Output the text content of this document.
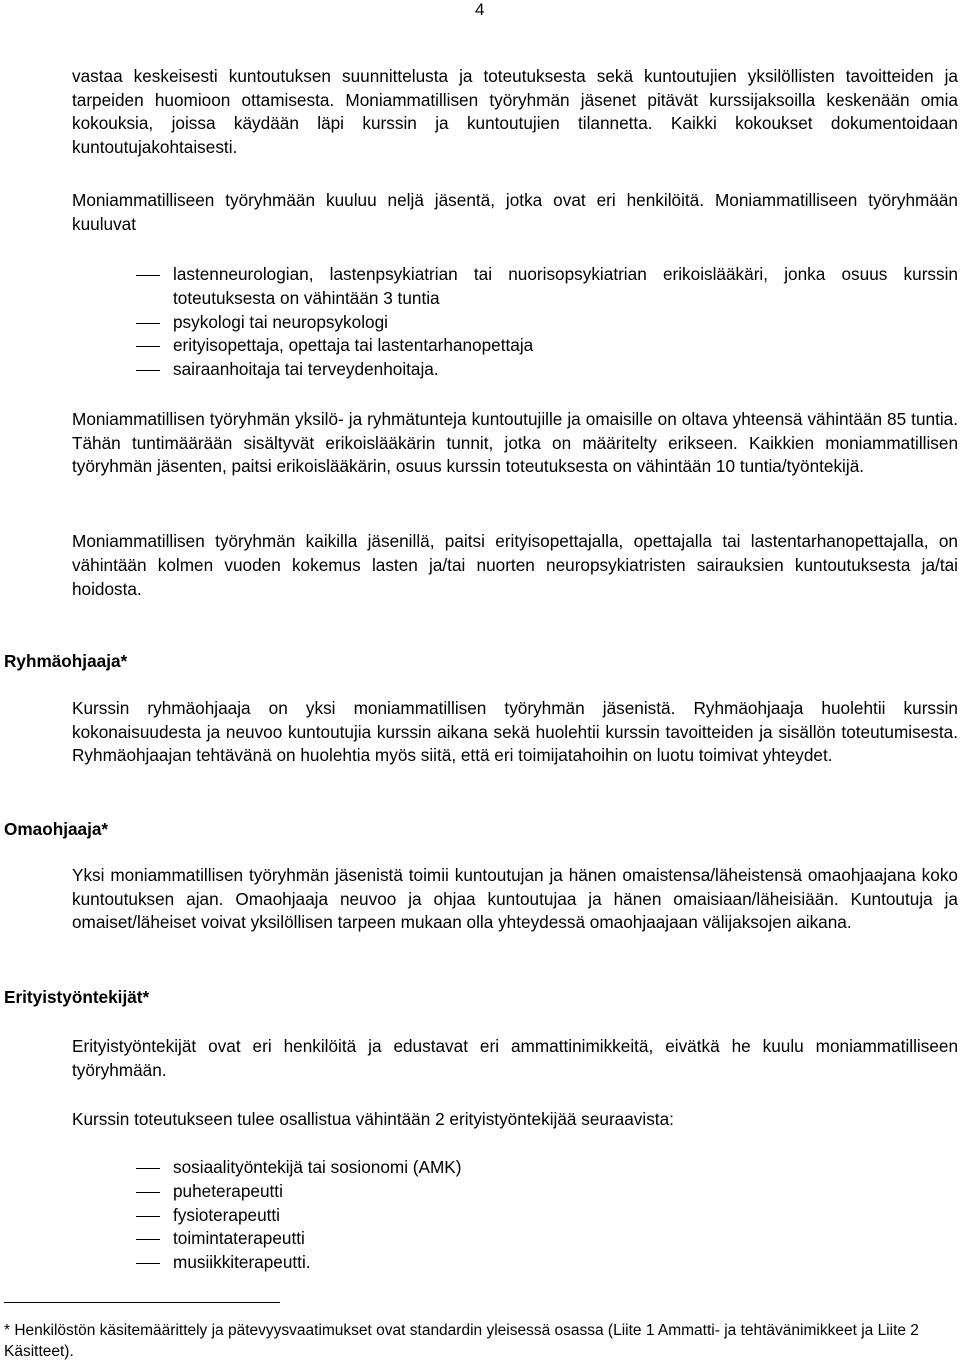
4

vastaa keskeisesti kuntoutuksen suunnittelusta ja toteutuksesta sekä kuntoutujien yksilöllisten tavoitteiden ja tarpeiden huomioon ottamisesta. Moniammatillisen työryhmän jäsenet pitävät kurssijaksoilla keskenään omia kokouksia, joissa käydään läpi kurssin ja kuntoutujien tilannetta. Kaikki kokoukset dokumentoidaan kuntoutujakohtaisesti.

Moniammatilliseen työryhmään kuuluu neljä jäsentä, jotka ovat eri henkilöitä. Moniammatilliseen työryhmään kuuluvat

lastenneurologian, lastenpsykiatrian tai nuorisopsykiatrian erikoislääkäri, jonka osuus kurssin toteutuksesta on vähintään 3 tuntia
psykologi tai neuropsykologi
erityisopettaja, opettaja tai lastentarhanopettaja
sairaanhoitaja tai terveydenhoitaja.

Moniammatillisen työryhmän yksilö- ja ryhmätunteja kuntoutujille ja omaisille on oltava yhteensä vähintään 85 tuntia. Tähän tuntimäärään sisältyvät erikoislääkärin tunnit, jotka on määritelty erikseen. Kaikkien moniammatillisen työryhmän jäsenten, paitsi erikoislääkärin, osuus kurssin toteutuksesta on vähintään 10 tuntia/työntekijä.

Moniammatillisen työryhmän kaikilla jäsenillä, paitsi erityisopettajalla, opettajalla tai lastentarhanopettajalla, on vähintään kolmen vuoden kokemus lasten ja/tai nuorten neuropsykiatristen sairauksien kuntoutuksesta ja/tai hoidosta.

Ryhmäohjaaja*

Kurssin ryhmäohjaaja on yksi moniammatillisen työryhmän jäsenistä. Ryhmäohjaaja huolehtii kurssin kokonaisuudesta ja neuvoo kuntoutujia kurssin aikana sekä huolehtii kurssin tavoitteiden ja sisällön toteutumisesta. Ryhmäohjaajan tehtävänä on huolehtia myös siitä, että eri toimijatahoihin on luotu toimivat yhteydet.

Omaohjaaja*

Yksi moniammatillisen työryhmän jäsenistä toimii kuntoutujan ja hänen omaistensa/läheistensä omaohjaajana koko kuntoutuksen ajan. Omaohjaaja neuvoo ja ohjaa kuntoutujaa ja hänen omaisiaan/läheisiään. Kuntoutuja ja omaiset/läheiset voivat yksilöllisen tarpeen mukaan olla yhteydessä omaohjaajaan välijaksojen aikana.

Erityistyöntekijät*

Erityistyöntekijät ovat eri henkilöitä ja edustavat eri ammattinimikkeitä, eivätkä he kuulu moniammatilliseen työryhmään.

Kurssin toteutukseen tulee osallistua vähintään 2 erityistyöntekijää seuraavista:

sosiaalityöntekijä tai sosionomi (AMK)
puheterapeutti
fysioterapeutti
toimintaterapeutti
musiikkiterapeutti.

* Henkilöstön käsitemäärittely ja pätevyysvaatimukset ovat standardin yleisessä osassa (Liite 1 Ammatti- ja tehtävänimikkeet ja Liite 2 Käsitteet).
